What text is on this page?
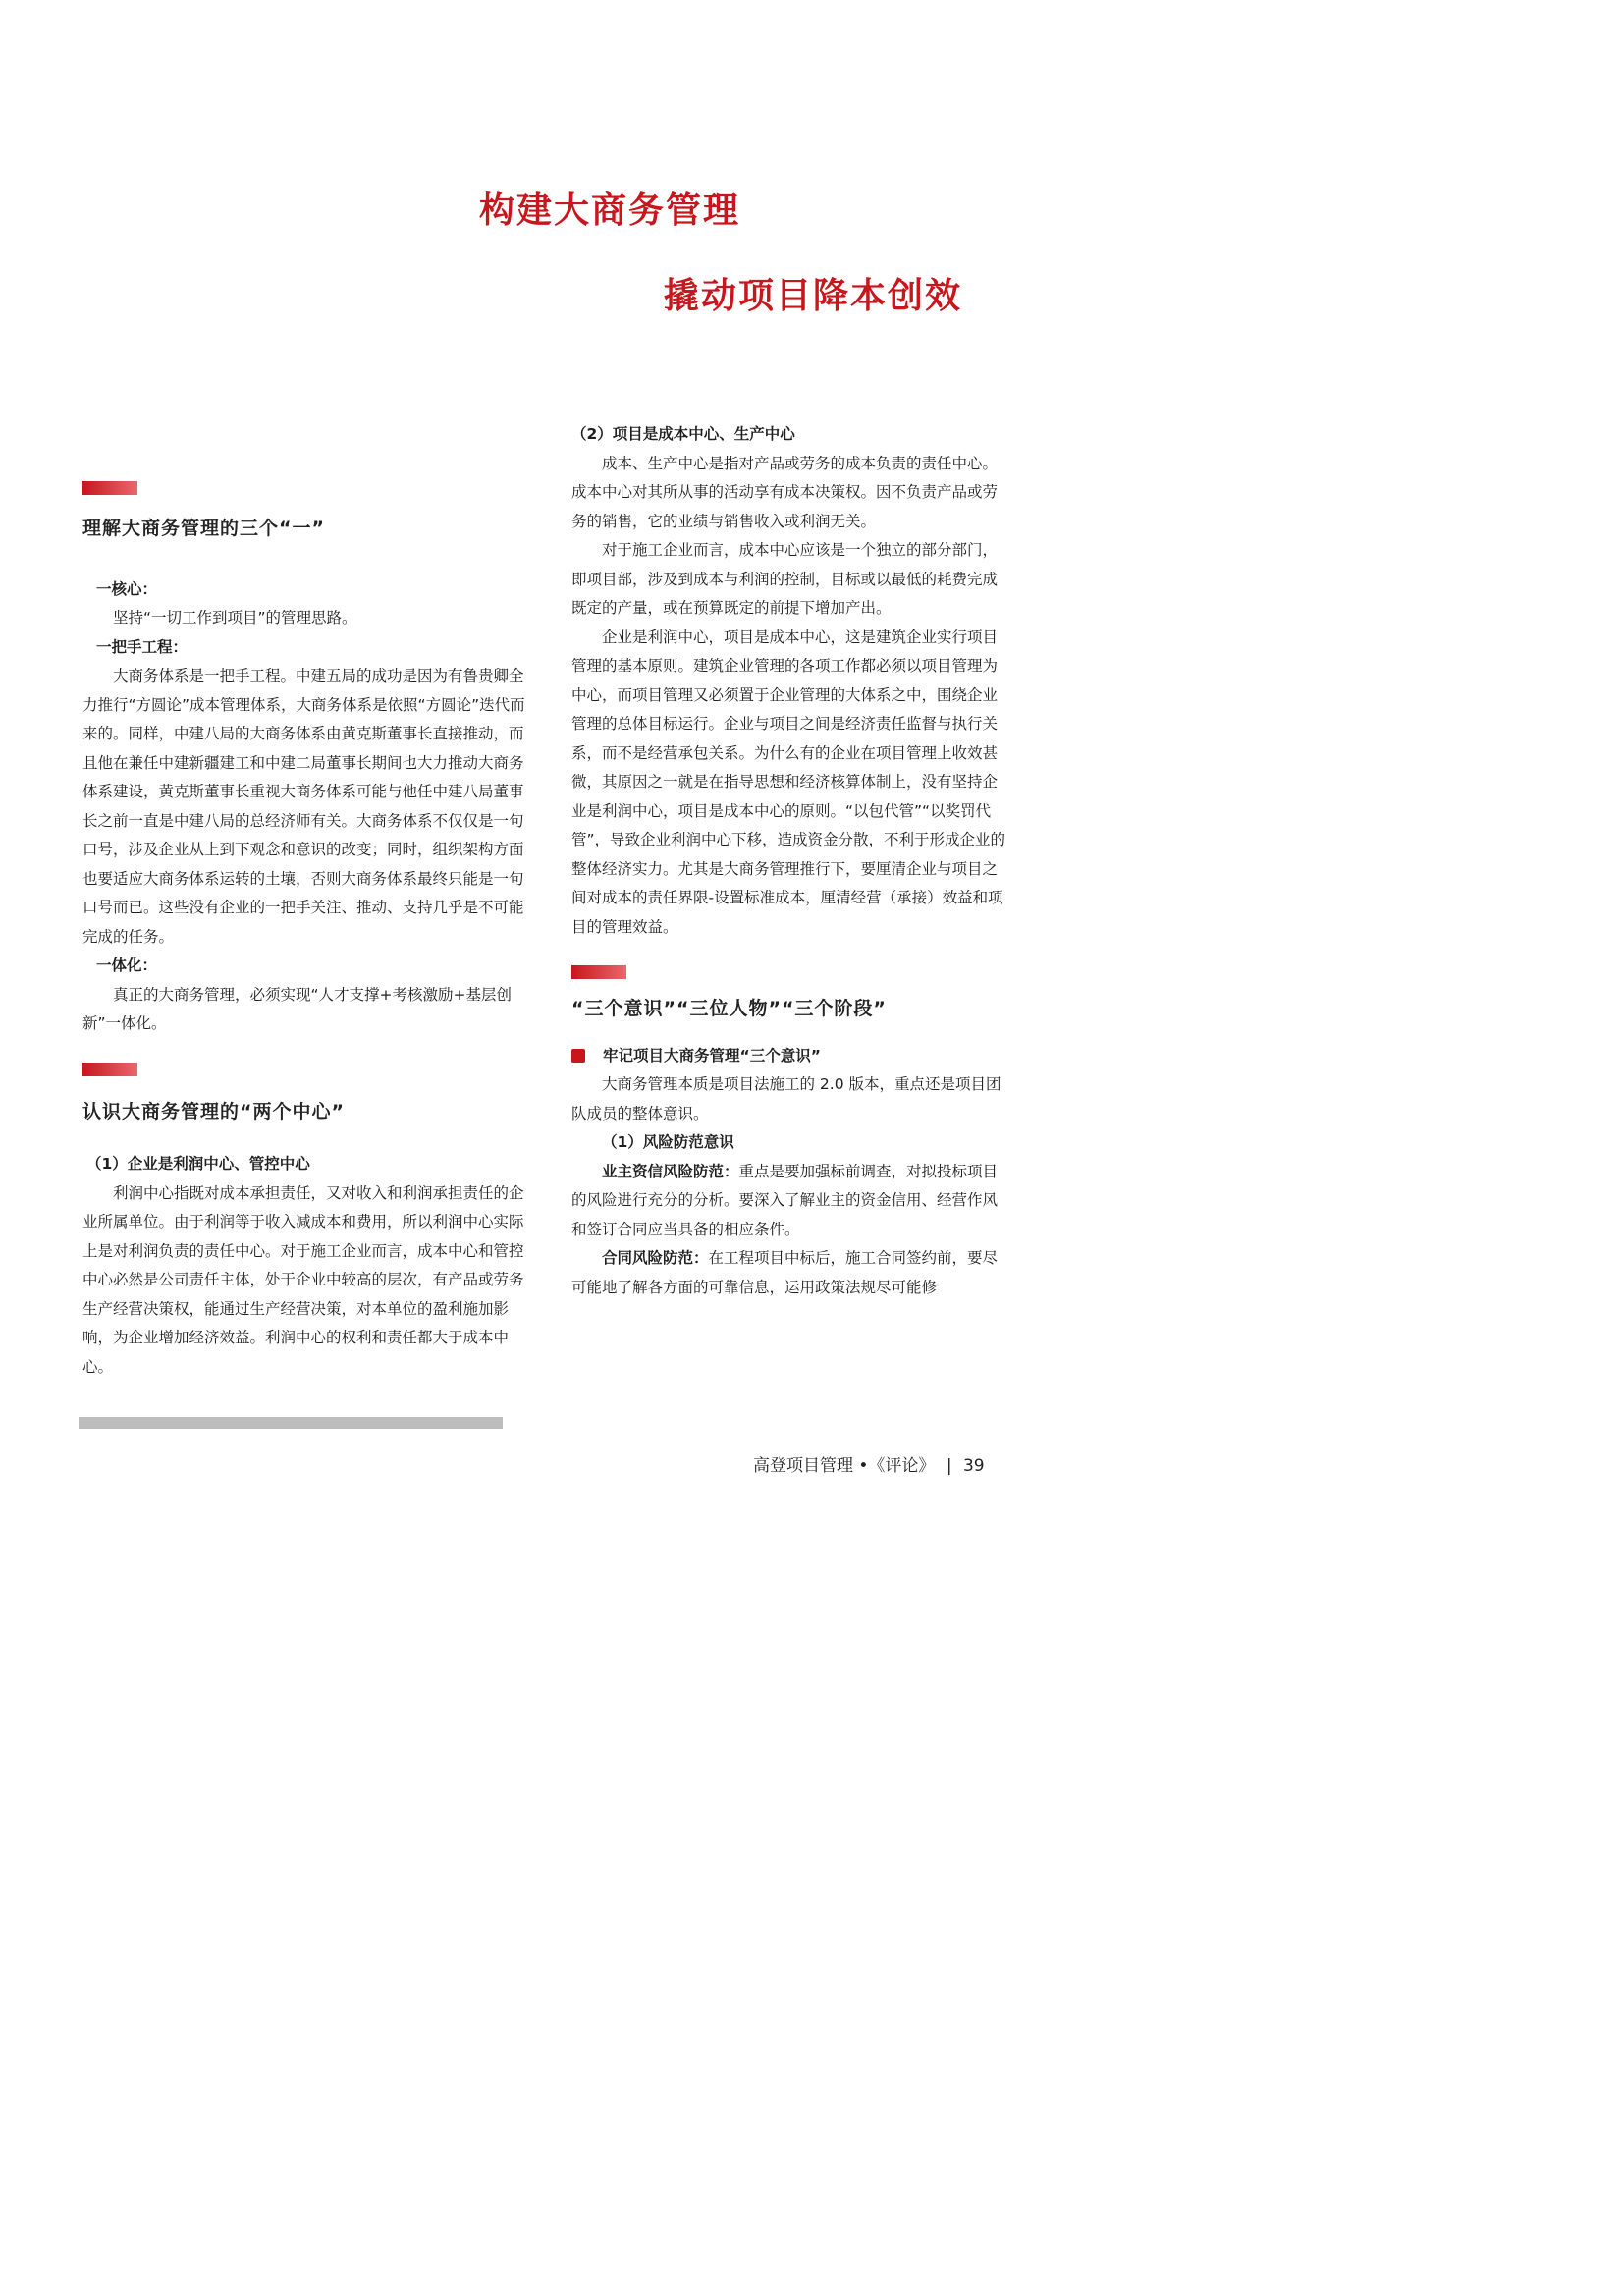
构建大商务管理
撬动项目降本创效

理解大商务管理的三个“一”

一核心：

坚持“一切工作到项目”的管理思路。

一把手工程：

大商务体系是一把手工程。中建五局的成功是因为有鲁贵卿全力推行“方圆论”成本管理体系，大商务体系是依照“方圆论”迭代而来的。同样，中建八局的大商务体系由黄克斯董事长直接推动，而且他在兼任中建新疆建工和中建二局董事长期间也大力推动大商务体系建设，黄克斯董事长重视大商务体系可能与他任中建八局董事长之前一直是中建八局的总经济师有关。大商务体系不仅仅是一句口号，涉及企业从上到下观念和意识的改变；同时，组织架构方面也要适应大商务体系运转的土壤，否则大商务体系最终只能是一句口号而已。这些没有企业的一把手关注、推动、支持几乎是不可能完成的任务。

一体化：

真正的大商务管理，必须实现“人才支撑+考核激励+基层创新”一体化。

认识大商务管理的“两个中心”

（1）企业是利润中心、管控中心

利润中心指既对成本承担责任，又对收入和利润承担责任的企业所属单位。由于利润等于收入减成本和费用，所以利润中心实际上是对利润负责的责任中心。对于施工企业而言，成本中心和管控中心必然是公司责任主体，处于企业中较高的层次，有产品或劳务生产经营决策权，能通过生产经营决策，对本单位的盈利施加影响，为企业增加经济效益。利润中心的权利和责任都大于成本中心。

（2）项目是成本中心、生产中心

成本、生产中心是指对产品或劳务的成本负责的责任中心。成本中心对其所从事的活动享有成本决策权。因不负责产品或劳务的销售，它的业绩与销售收入或利润无关。

对于施工企业而言，成本中心应该是一个独立的部分部门，即项目部，涉及到成本与利润的控制，目标或以最低的耗费完成既定的产量，或在预算既定的前提下增加产出。

企业是利润中心，项目是成本中心，这是建筑企业实行项目管理的基本原则。建筑企业管理的各项工作都必须以项目管理为中心，而项目管理又必须置于企业管理的大体系之中，围绕企业管理的总体目标运行。企业与项目之间是经济责任监督与执行关系，而不是经营承包关系。为什么有的企业在项目管理上收效甚微，其原因之一就是在指导思想和经济核算体制上，没有坚持企业是利润中心，项目是成本中心的原则。“以包代管”“以奖罚代管”，导致企业利润中心下移，造成资金分散，不利于形成企业的整体经济实力。尤其是大商务管理推行下，要厘清企业与项目之间对成本的责任界限-设置标准成本，厘清经营（承接）效益和项目的管理效益。

“三个意识”“三位人物”“三个阶段”

牢记项目大商务管理“三个意识”

大商务管理本质是项目法施工的 2.0 版本，重点还是项目团队成员的整体意识。

（1）风险防范意识

业主资信风险防范：重点是要加强标前调查，对拟投标项目的风险进行充分的分析。要深入了解业主的资金信用、经营作风和签订合同应当具备的相应条件。

合同风险防范：在工程项目中标后，施工合同签约前，要尽可能地了解各方面的可靠信息，运用政策法规尽可能修

高登项目管理 •《评论》 | 39
